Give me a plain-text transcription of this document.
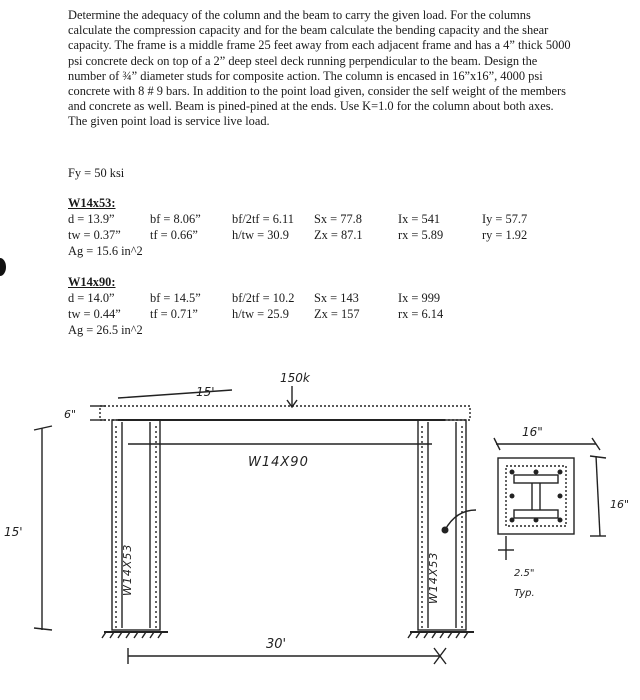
Determine the adequacy of the column and the beam to carry the given load. For the columns calculate the compression capacity and for the beam calculate the bending capacity and the shear capacity. The frame is a middle frame 25 feet away from each adjacent frame and has a 4” thick 5000 psi concrete deck on top of a 2” deep steel deck running perpendicular to the beam. Design the number of ¾” diameter studs for composite action. The column is encased in 16”x16”, 4000 psi concrete with 8 # 9 bars. In addition to the point load given, consider the self weight of the members and concrete as well. Beam is pined-pined at the ends. Use K=1.0 for the column about both axes. The given point load is service live load.
Fy = 50 ksi
W14x53:
d = 13.9”
tw = 0.37”
Ag = 15.6 in^2
bf = 8.06”
tf = 0.66”
bf/2tf = 6.11
h/tw = 30.9
Sx = 77.8
Zx = 87.1
Ix = 541
rx = 5.89
Iy = 57.7
ry = 1.92
W14x90:
d = 14.0”
tw = 0.44”
Ag = 26.5 in^2
bf = 14.5”
tf = 0.71”
bf/2tf = 10.2
h/tw = 25.9
Sx = 143
Zx = 157
Ix = 999
rx = 6.14
15'
150k
6"
W14X90
W14X53	W14X53
15'
30'
16"
16"
2.5"
Typ.
